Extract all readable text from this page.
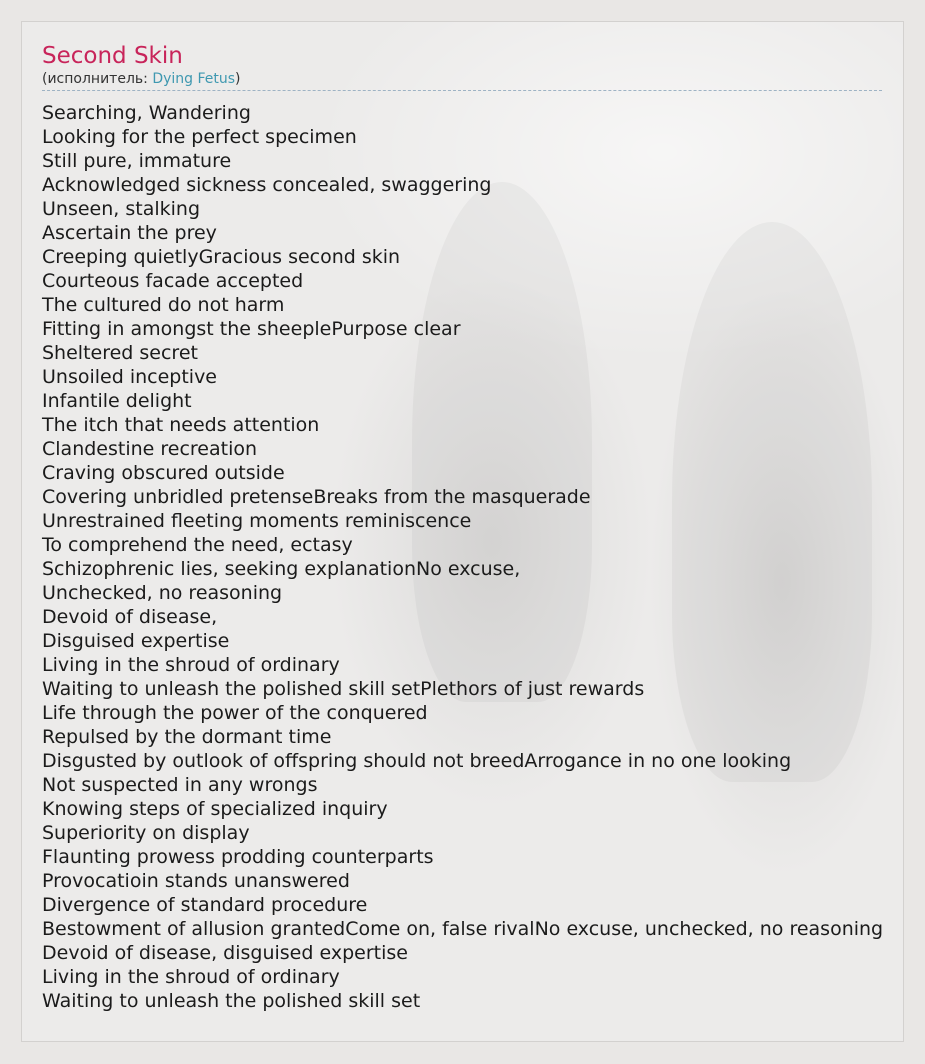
Second Skin
(исполнитель: Dying Fetus)
Searching, Wandering
Looking for the perfect specimen
Still pure, immature
Acknowledged sickness concealed, swaggering
Unseen, stalking
Ascertain the prey
Creeping quietlyGracious second skin
Courteous facade accepted
The cultured do not harm
Fitting in amongst the sheeplePurpose clear
Sheltered secret
Unsoiled inceptive
Infantile delight
The itch that needs attention
Clandestine recreation
Craving obscured outside
Covering unbridled pretenseBreaks from the masquerade
Unrestrained fleeting moments reminiscence
To comprehend the need, ectasy
Schizophrenic lies, seeking explanationNo excuse,
Unchecked, no reasoning
Devoid of disease,
Disguised expertise
Living in the shroud of ordinary
Waiting to unleash the polished skill setPlethors of just rewards
Life through the power of the conquered
Repulsed by the dormant time
Disgusted by outlook of offspring should not breedArrogance in no one looking
Not suspected in any wrongs
Knowing steps of specialized inquiry
Superiority on display
Flaunting prowess prodding counterparts
Provocatioin stands unanswered
Divergence of standard procedure
Bestowment of allusion grantedCome on, false rivalNo excuse, unchecked, no reasoning
Devoid of disease, disguised expertise
Living in the shroud of ordinary
Waiting to unleash the polished skill set
